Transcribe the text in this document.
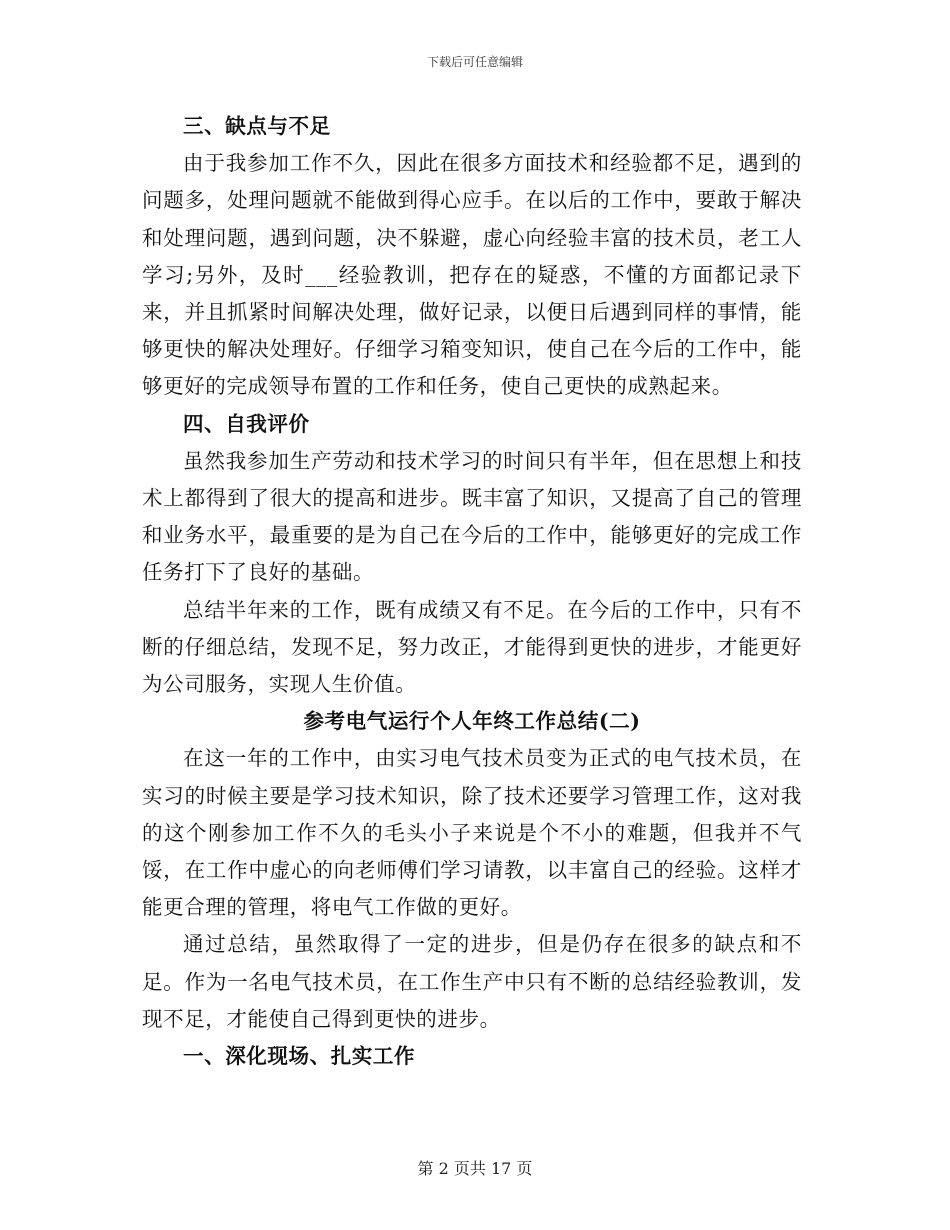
下载后可任意编辑

三、缺点与不足

由于我参加工作不久，因此在很多方面技术和经验都不足，遇到的问题多，处理问题就不能做到得心应手。在以后的工作中，要敢于解决和处理问题，遇到问题，决不躲避，虚心向经验丰富的技术员，老工人学习;另外，及时___经验教训，把存在的疑惑，不懂的方面都记录下来，并且抓紧时间解决处理，做好记录，以便日后遇到同样的事情，能够更快的解决处理好。仔细学习箱变知识，使自己在今后的工作中，能够更好的完成领导布置的工作和任务，使自己更快的成熟起来。

四、自我评价

虽然我参加生产劳动和技术学习的时间只有半年，但在思想上和技术上都得到了很大的提高和进步。既丰富了知识，又提高了自己的管理和业务水平，最重要的是为自己在今后的工作中，能够更好的完成工作任务打下了良好的基础。

总结半年来的工作，既有成绩又有不足。在今后的工作中，只有不断的仔细总结，发现不足，努力改正，才能得到更快的进步，才能更好为公司服务，实现人生价值。

参考电气运行个人年终工作总结(二)

在这一年的工作中，由实习电气技术员变为正式的电气技术员，在实习的时候主要是学习技术知识，除了技术还要学习管理工作，这对我的这个刚参加工作不久的毛头小子来说是个不小的难题，但我并不气馁，在工作中虚心的向老师傅们学习请教，以丰富自己的经验。这样才能更合理的管理，将电气工作做的更好。

通过总结，虽然取得了一定的进步，但是仍存在很多的缺点和不足。作为一名电气技术员，在工作生产中只有不断的总结经验教训，发现不足，才能使自己得到更快的进步。

一、深化现场、扎实工作

第 2 页共 17 页
